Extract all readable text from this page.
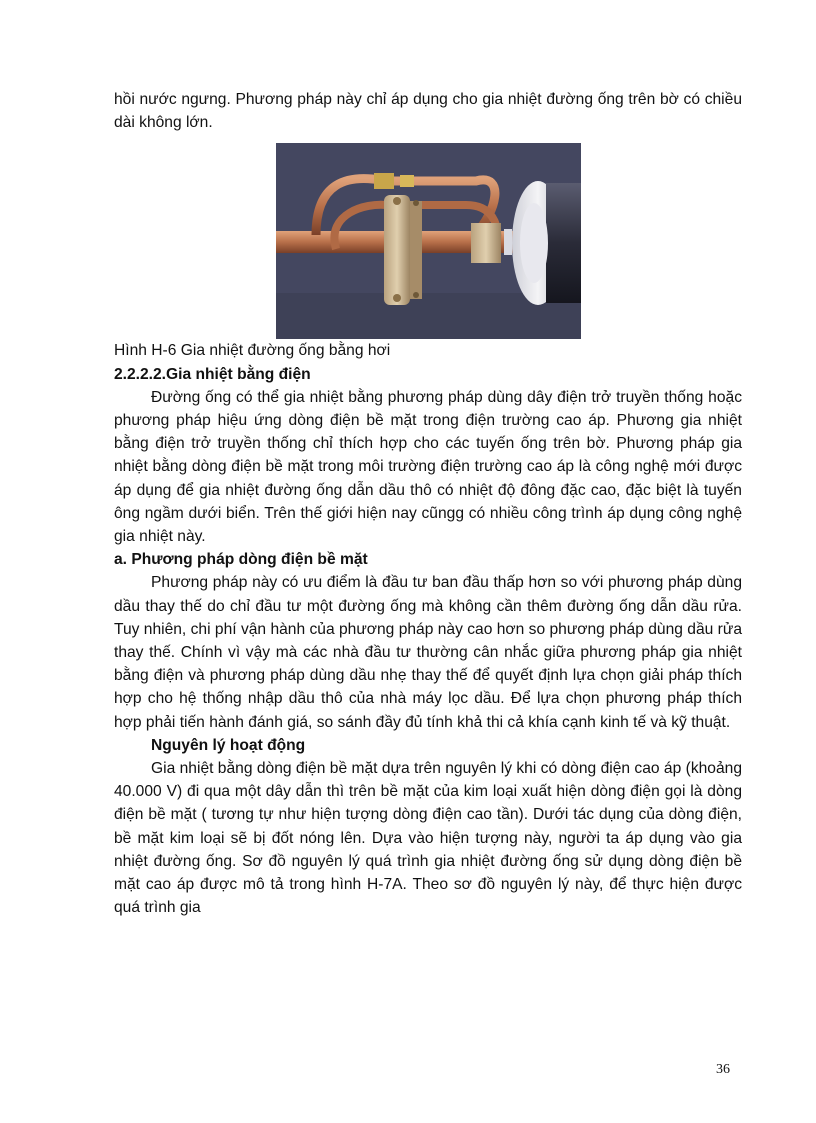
hồi nước ngưng. Phương pháp này chỉ áp dụng cho gia nhiệt đường ống trên bờ có chiều dài không lớn.

Hình H-6 Gia nhiệt đường ống bằng hơi

2.2.2.2.Gia nhiệt bằng điện

Đường ống có thể gia nhiệt bằng phương pháp dùng dây điện trở truyền thống hoặc phương pháp hiệu ứng dòng điện bề mặt trong điện trường cao áp. Phương gia nhiệt bằng điện trở truyền thống chỉ thích hợp cho các tuyến ống trên bờ. Phương pháp gia nhiệt bằng dòng điện bề mặt trong môi trường điện trường cao áp là công nghệ mới được áp dụng để gia nhiệt đường ống dẫn dầu thô có nhiệt độ đông đặc cao, đặc biệt là tuyến ông ngầm dưới biển. Trên thế giới hiện nay cũngg có nhiều công trình áp dụng công nghệ gia nhiệt này.

a. Phương pháp dòng điện bề mặt

Phương pháp này có ưu điểm là đầu tư ban đầu thấp hơn so với phương pháp dùng dầu thay thế do chỉ đầu tư một đường ống mà không cần thêm đường ống dẫn dầu rửa. Tuy nhiên, chi phí vận hành của phương pháp này cao hơn so phương pháp dùng dầu rửa thay thế. Chính vì vậy mà các nhà đầu tư thường cân nhắc giữa phương pháp gia nhiệt bằng điện và phương pháp dùng dầu nhẹ thay thế để quyết định lựa chọn giải pháp thích hợp cho hệ thống nhập dầu thô của nhà máy lọc dầu. Để lựa chọn phương pháp thích hợp phải tiến hành đánh giá, so sánh đầy đủ tính khả thi cả khía cạnh kinh tế và kỹ thuật.

Nguyên lý hoạt động

Gia nhiệt bằng dòng điện bề mặt dựa trên nguyên lý khi có dòng điện cao áp (khoảng 40.000 V) đi qua một dây dẫn thì trên bề mặt của kim loại xuất hiện dòng điện gọi là dòng điện bề mặt ( tương tự như hiện tượng dòng điện cao tần). Dưới tác dụng của dòng điện, bề mặt kim loại sẽ bị đốt nóng lên. Dựa vào hiện tượng này, người ta áp dụng vào gia nhiệt đường ống. Sơ đồ nguyên lý quá trình gia nhiệt đường ống sử dụng dòng điện bề mặt cao áp được mô tả trong hình H-7A. Theo sơ đồ nguyên lý này, để thực hiện được quá trình gia

36
